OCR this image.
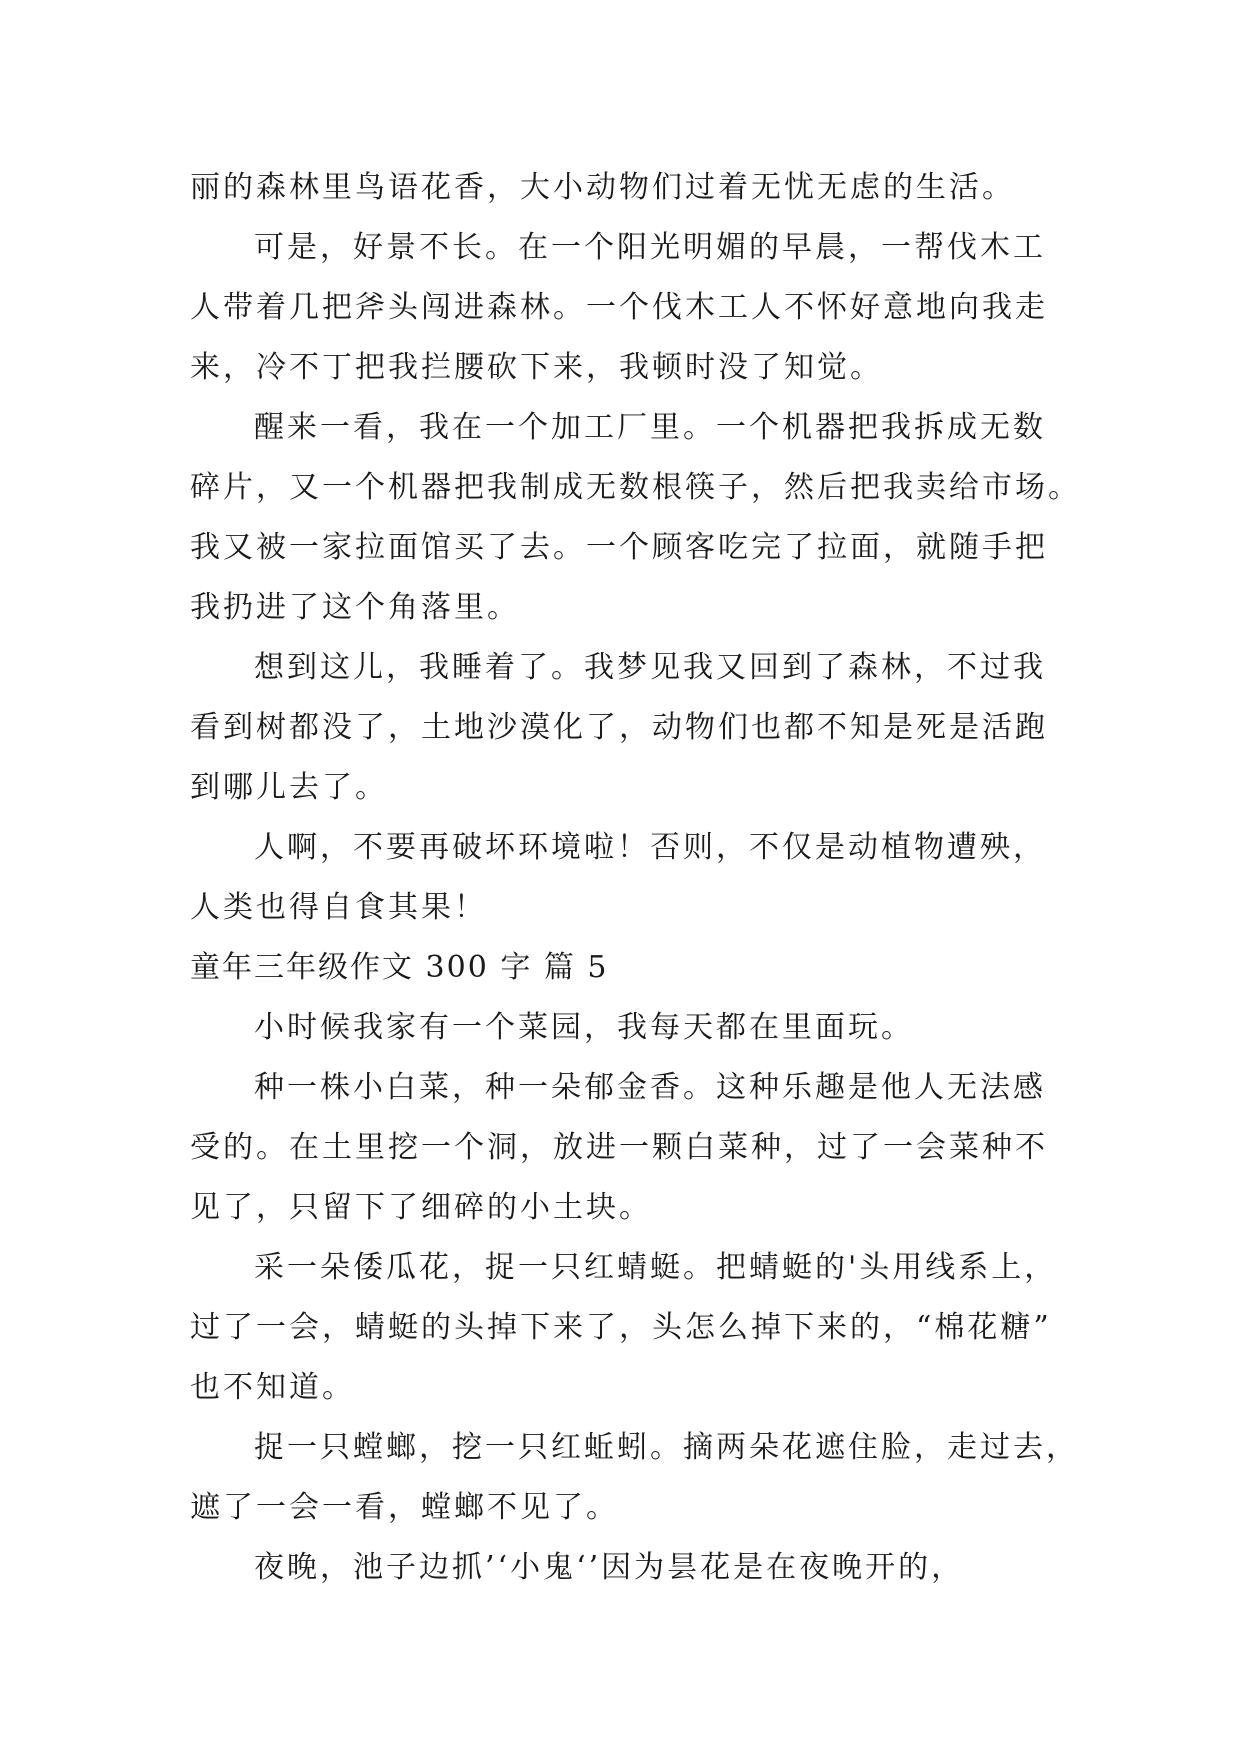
丽的森林里鸟语花香，大小动物们过着无忧无虑的生活。
可是，好景不长。在一个阳光明媚的早晨，一帮伐木工
人带着几把斧头闯进森林。一个伐木工人不怀好意地向我走
来，冷不丁把我拦腰砍下来，我顿时没了知觉。
醒来一看，我在一个加工厂里。一个机器把我拆成无数
碎片，又一个机器把我制成无数根筷子，然后把我卖给市场。
我又被一家拉面馆买了去。一个顾客吃完了拉面，就随手把
我扔进了这个角落里。
想到这儿，我睡着了。我梦见我又回到了森林，不过我
看到树都没了，土地沙漠化了，动物们也都不知是死是活跑
到哪儿去了。
人啊，不要再破坏环境啦！否则，不仅是动植物遭殃，
人类也得自食其果！
童年三年级作文 300 字 篇 5
小时候我家有一个菜园，我每天都在里面玩。
种一株小白菜，种一朵郁金香。这种乐趣是他人无法感
受的。在土里挖一个洞，放进一颗白菜种，过了一会菜种不
见了，只留下了细碎的小土块。
采一朵倭瓜花，捉一只红蜻蜓。把蜻蜓的'头用线系上，
过了一会，蜻蜓的头掉下来了，头怎么掉下来的，“棉花糖”
也不知道。
捉一只螳螂，挖一只红蚯蚓。摘两朵花遮住脸，走过去，
遮了一会一看，螳螂不见了。
夜晚，池子边抓’‘小鬼‘’因为昙花是在夜晚开的，
